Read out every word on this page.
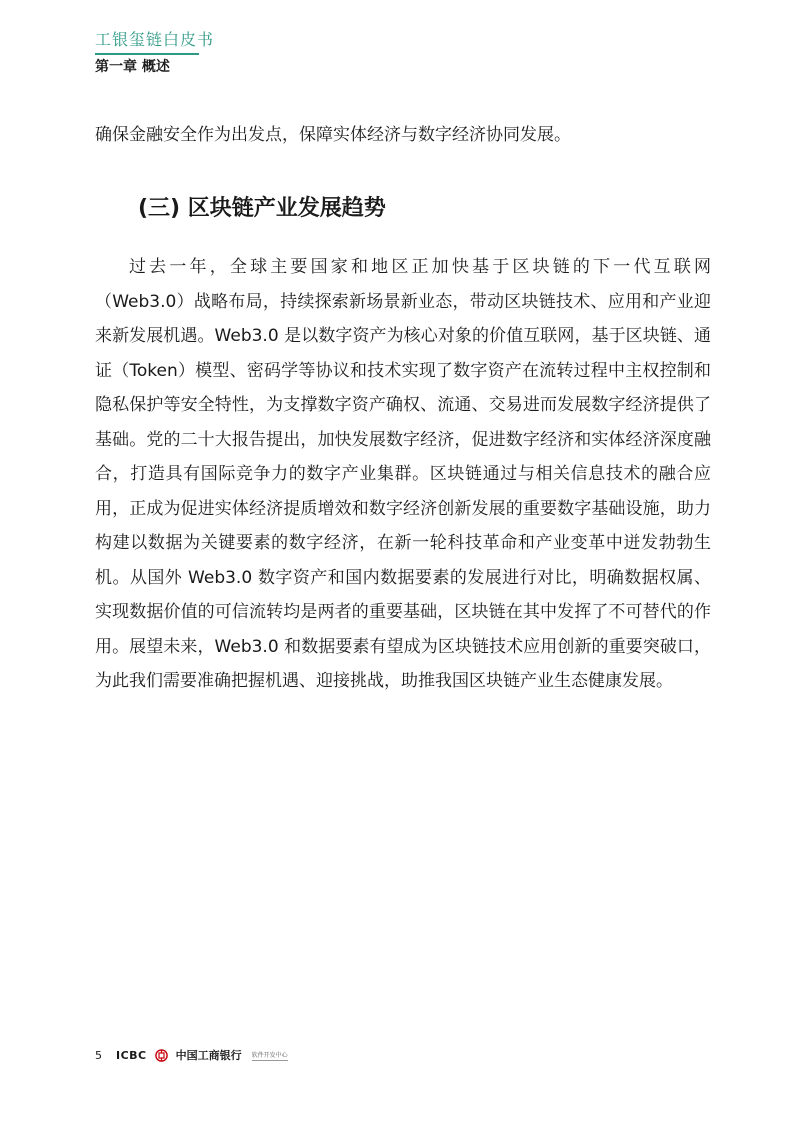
工银玺链白皮书
第一章 概述

确保金融安全作为出发点，保障实体经济与数字经济协同发展。

(三) 区块链产业发展趋势

过去一年，全球主要国家和地区正加快基于区块链的下一代互联网（Web3.0）战略布局，持续探索新场景新业态，带动区块链技术、应用和产业迎来新发展机遇。Web3.0 是以数字资产为核心对象的价值互联网，基于区块链、通证（Token）模型、密码学等协议和技术实现了数字资产在流转过程中主权控制和隐私保护等安全特性，为支撑数字资产确权、流通、交易进而发展数字经济提供了基础。党的二十大报告提出，加快发展数字经济，促进数字经济和实体经济深度融合，打造具有国际竞争力的数字产业集群。区块链通过与相关信息技术的融合应用，正成为促进实体经济提质增效和数字经济创新发展的重要数字基础设施，助力构建以数据为关键要素的数字经济，在新一轮科技革命和产业变革中迸发勃勃生机。从国外 Web3.0 数字资产和国内数据要素的发展进行对比，明确数据权属、实现数据价值的可信流转均是两者的重要基础，区块链在其中发挥了不可替代的作用。展望未来，Web3.0 和数据要素有望成为区块链技术应用创新的重要突破口，为此我们需要准确把握机遇、迎接挑战，助推我国区块链产业生态健康发展。

5 ICBC	中国工商银行 软件开发中心
